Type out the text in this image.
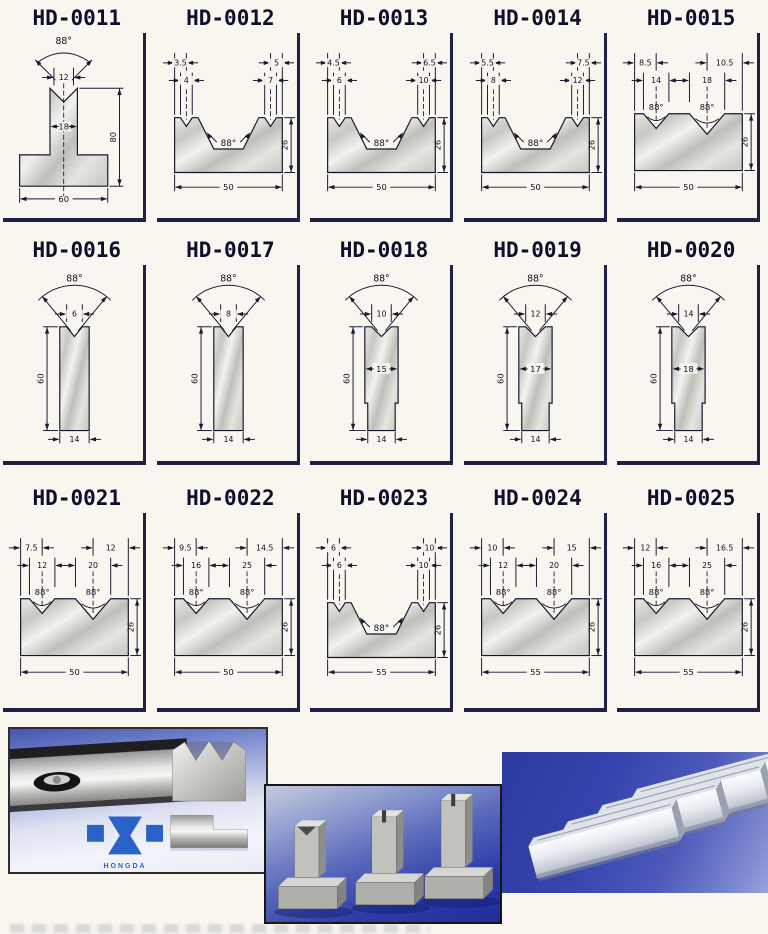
HD-0011
88°
12
18
80
60
HD-0012
88°
3.5	5
4	7
26
50
HD-0013
88°
4.5	6.5
6	10
26
50
HD-0014
88°
5.5	7.5
8	12
26
50
HD-0015
88°	88°
8.5	10.5
14	18
26
50
HD-0016
88°
6
60
14
HD-0017
88°
8
60
14
HD-0018
88°
10
15
60
14
HD-0019
88°
12
17
60
14
HD-0020
88°
14
18
60
14
HD-0021
88°	88°
7.5	12
12	20
26
50
HD-0022
88°	88°
9.5	14.5
16	25
26
50
HD-0023
88°
6	10
6	10
26
55
HD-0024
88°	88°
10	15
12	20
26
55
HD-0025
88°	88°
12	16.5
16	25
26
55
HONGDA
